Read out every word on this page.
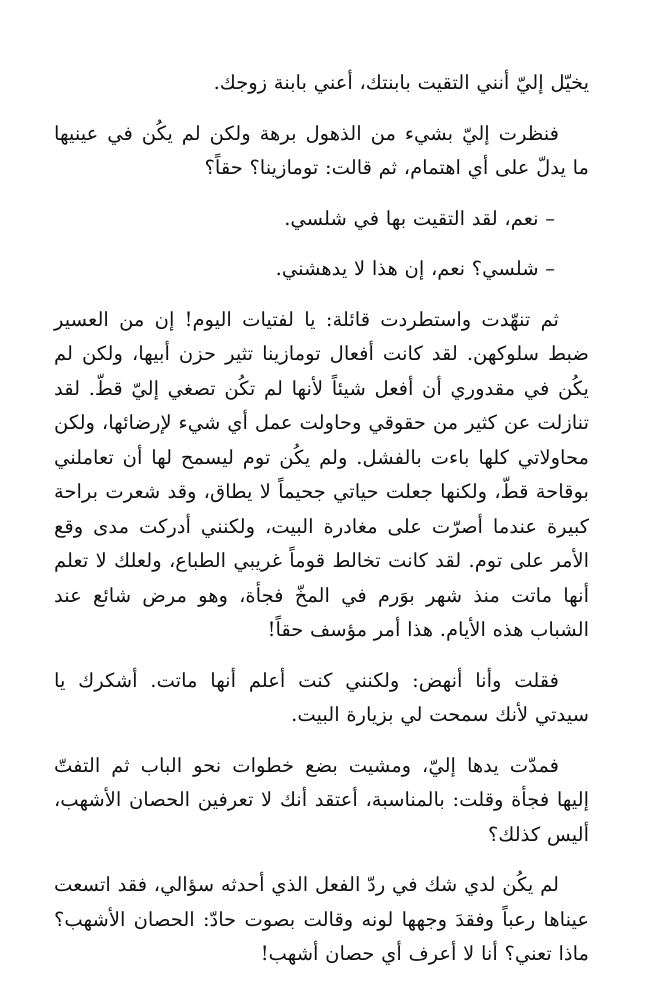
يخيّل إليّ أنني التقيت بابنتك، أعني بابنة زوجك.

فنظرت إليّ بشيء من الذهول برهة ولكن لم يكُن في عينيها ما يدلّ على أي اهتمام، ثم قالت: تومازينا؟ حقاً؟

– نعم، لقد التقيت بها في شلسي.

– شلسي؟ نعم، إن هذا لا يدهشني.

ثم تنهّدت واستطردت قائلة: يا لفتيات اليوم! إن من العسير ضبط سلوكهن. لقد كانت أفعال تومازينا تثير حزن أبيها، ولكن لم يكُن في مقدوري أن أفعل شيئاً لأنها لم تكُن تصغي إليّ قطّ. لقد تنازلت عن كثير من حقوقي وحاولت عمل أي شيء لإرضائها، ولكن محاولاتي كلها باءت بالفشل. ولم يكُن توم ليسمح لها أن تعاملني بوقاحة قطّ، ولكنها جعلت حياتي جحيماً لا يطاق، وقد شعرت براحة كبيرة عندما أصرّت على مغادرة البيت، ولكنني أدركت مدى وقع الأمر على توم. لقد كانت تخالط قوماً غريبي الطباع، ولعلك لا تعلم أنها ماتت منذ شهر بوَرم في المخّ فجأة، وهو مرض شائع عند الشباب هذه الأيام. هذا أمر مؤسف حقاً!

فقلت وأنا أنهض: ولكنني كنت أعلم أنها ماتت. أشكرك يا سيدتي لأنك سمحت لي بزيارة البيت.

فمدّت يدها إليّ، ومشيت بضع خطوات نحو الباب ثم التفتّ إليها فجأة وقلت: بالمناسبة، أعتقد أنك لا تعرفين الحصان الأشهب، أليس كذلك؟

لم يكُن لدي شك في ردّ الفعل الذي أحدثه سؤالي، فقد اتسعت عيناها رعباً وفقدَ وجهها لونه وقالت بصوت حادّ: الحصان الأشهب؟ ماذا تعني؟ أنا لا أعرف أي حصان أشهب!
